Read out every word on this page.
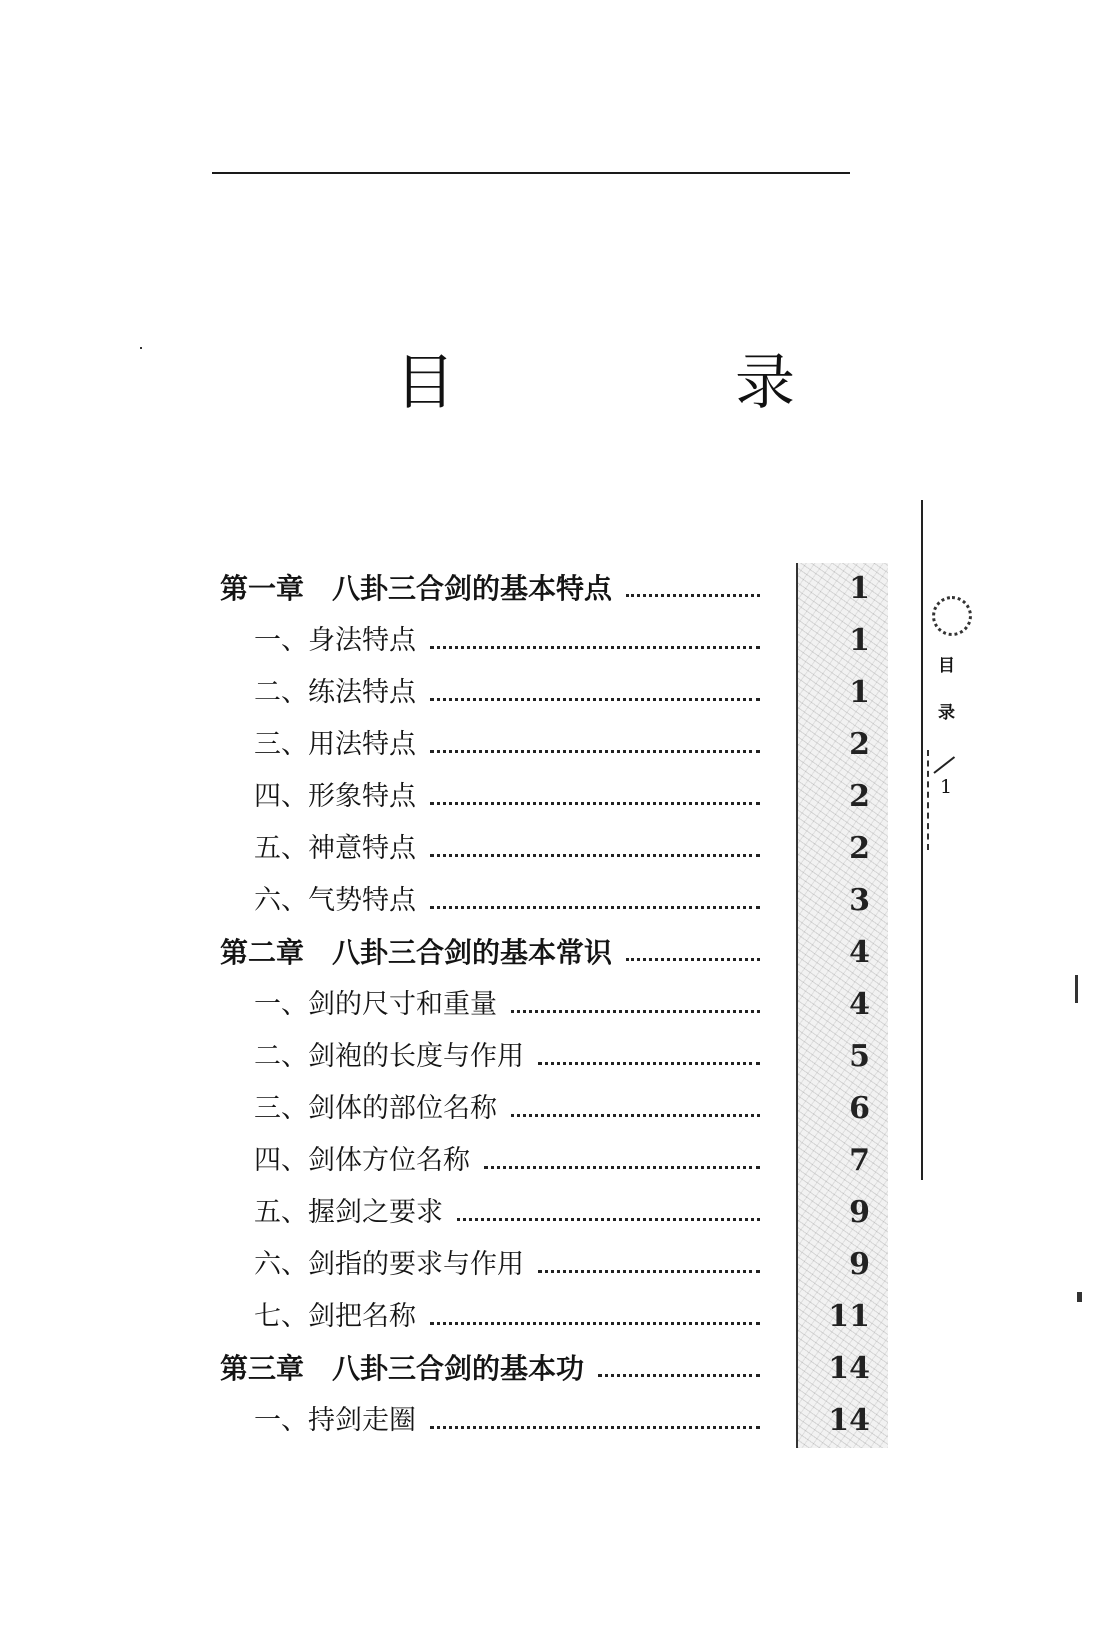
目　录
第一章　八卦三合剑的基本特点
一、身法特点
二、练法特点
三、用法特点
四、形象特点
五、神意特点
六、气势特点
第二章　八卦三合剑的基本常识
一、剑的尺寸和重量
二、剑袍的长度与作用
三、剑体的部位名称
四、剑体方位名称
五、握剑之要求
六、剑指的要求与作用
七、剑把名称
第三章　八卦三合剑的基本功
一、持剑走圈
1
1
1
2
2
2
3
4
4
5
6
7
9
9
11
14
14
目
录
1
